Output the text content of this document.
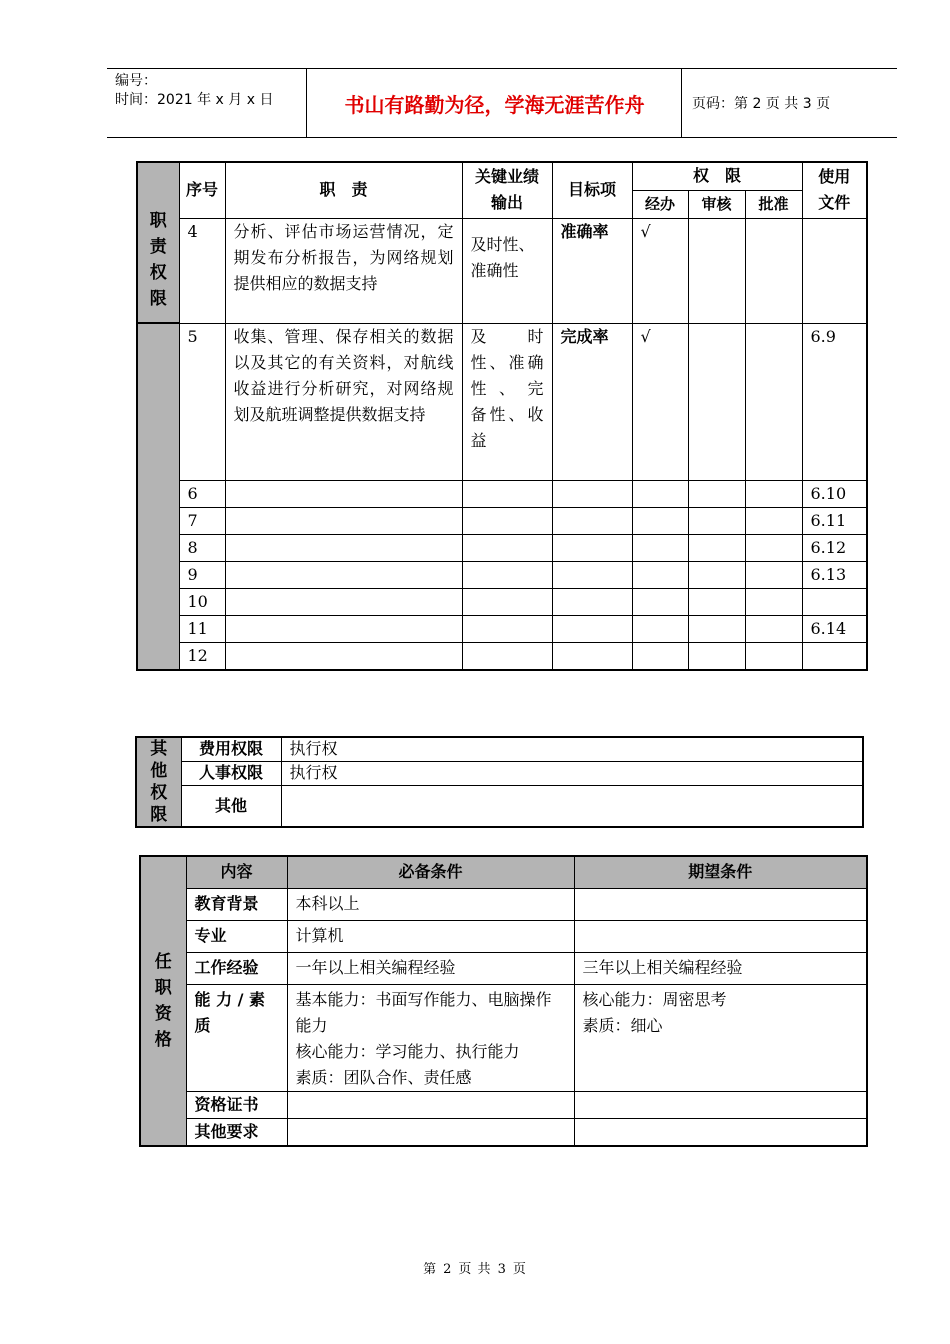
编号：
时间：2021 年 x 月 x 日	书山有路勤为径，学海无涯苦作舟	页码：第 2 页 共 3 页
	序号	职　责	关键业绩输出	目标项	权　限			使用文件
					经办	审核	批准	

职责权限	4	分析、评估市场运营情况，定期发布分析报告，为网络规划提供相应的数据支持	及时性、准确性	准确率	√			
	5	收集、管理、保存相关的数据以及其它的有关资料，对航线收益进行分析研究，对网络规划及航班调整提供数据支持	及　时性、准确性、完　备性、收益	完成率	√			6.9
	6							6.10
	7							6.11
	8							6.12
	9							6.13
	10							
	11							6.14
	12							
其他权限	费用权限	执行权
	人事权限	执行权
	其他	
任职资格	内容	必备条件	期望条件
	教育背景	本科以上	
	专业	计算机	
	工作经验	一年以上相关编程经验	三年以上相关编程经验
	能 力 / 素质	基本能力：书面写作能力、电脑操作能力
核心能力：学习能力、执行能力
素质：团队合作、责任感	核心能力：周密思考
素质：细心
	资格证书		
	其他要求		
第 2 页 共 3 页
